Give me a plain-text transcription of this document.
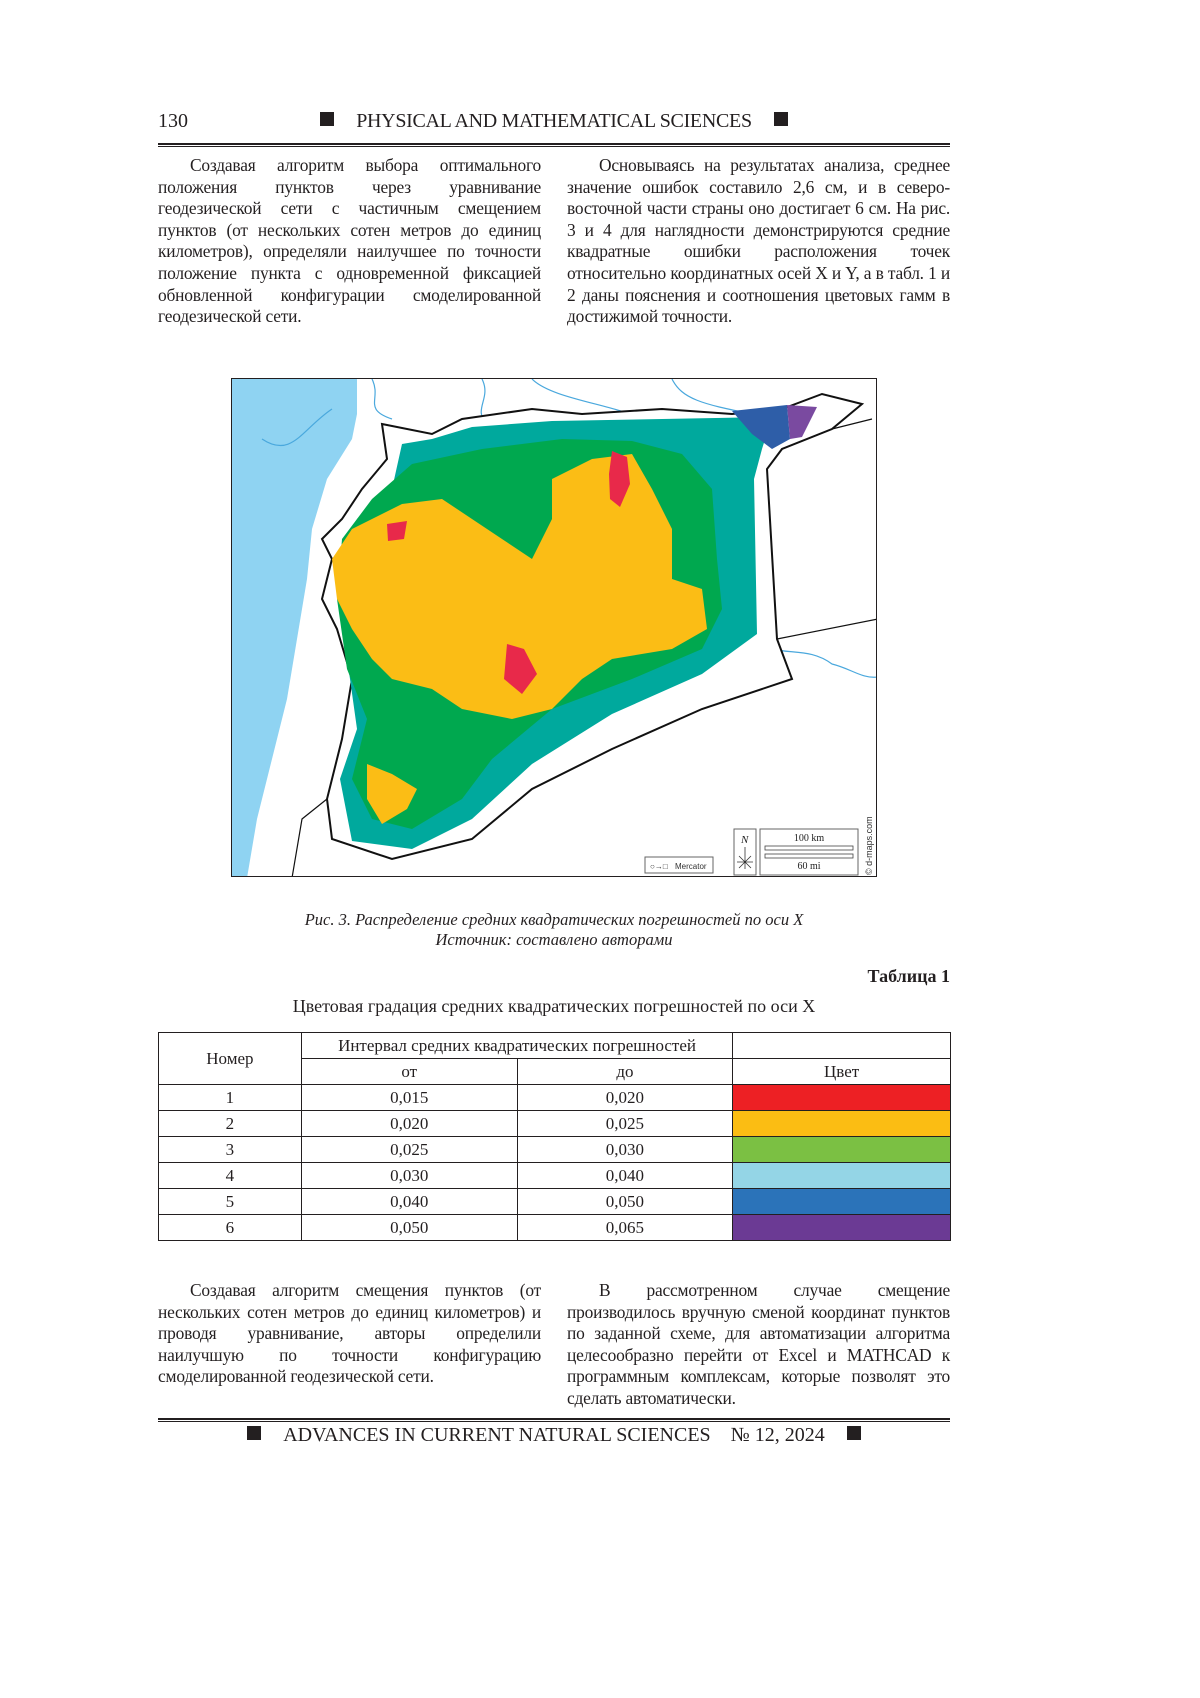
130	PHYSICAL AND MATHEMATICAL SCIENCES

Создавая алгоритм выбора оптимального положения пунктов через уравнивание геодезической сети с частичным смещением пунктов (от нескольких сотен метров до единиц километров), определяли наилучшее по точности положение пункта с одновременной фиксацией обновленной конфигурации смоделированной геодезической сети.

Основываясь на результатах анализа, среднее значение ошибок составило 2,6 см, и в северо-восточной части страны оно достигает 6 см. На рис. 3 и 4 для наглядности демонстрируются средние квадратные ошибки расположения точек относительно координатных осей X и Y, а в табл. 1 и 2 даны пояснения и соотношения цветовых гамм в достижимой точности.

○→□ Mercator
N	100 km
60 mi	© d-maps.com
Рис. 3. Распределение средних квадратических погрешностей по оси X
Источник: составлено авторами
Таблица 1
Цветовая градация средних квадратических погрешностей по оси X
Номер	Интервал средних квадратических погрешностей	
от	до	Цвет
1	0,015	0,020	
2	0,020	0,025	
3	0,025	0,030	
4	0,030	0,040	
5	0,040	0,050	
6	0,050	0,065	

Создавая алгоритм смещения пунктов (от нескольких сотен метров до единиц километров) и проводя уравнивание, авторы определили наилучшую по точности конфигурацию смоделированной геодезической сети.

В рассмотренном случае смещение производилось вручную сменой координат пунктов по заданной схеме, для автоматизации алгоритма целесообразно перейти от Excel и MATHCAD к программным комплексам, которые позволят это сделать автоматически.

ADVANCES IN CURRENT NATURAL SCIENCES № 12, 2024
